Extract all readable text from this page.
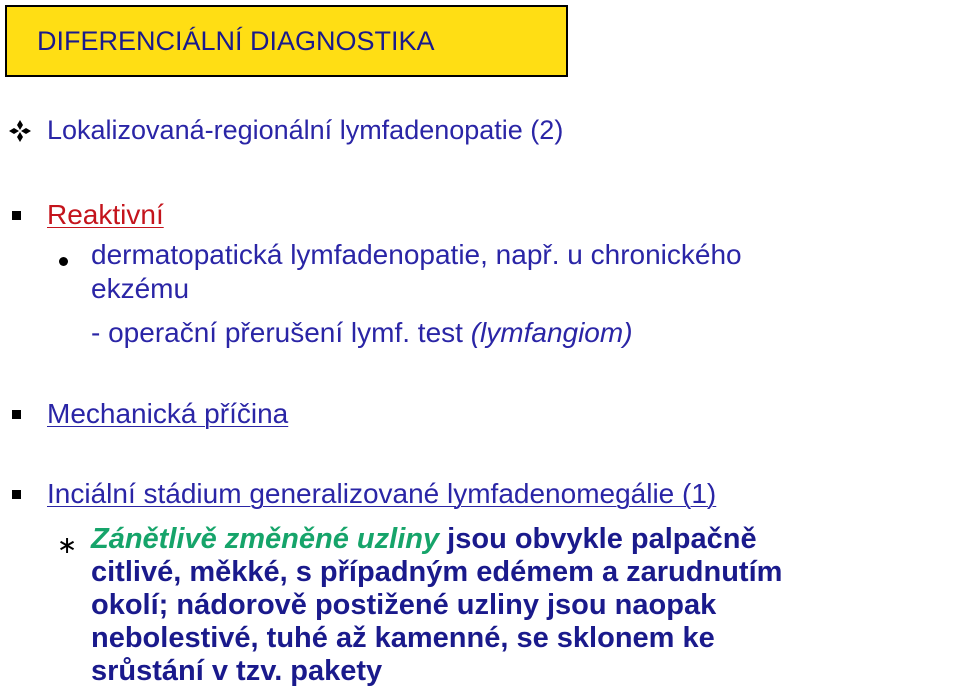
DIFERENCIÁLNÍ DIAGNOSTIKA
Lokalizovaná-regionální lymfadenopatie (2)
Reaktivní
dermatopatická lymfadenopatie, např. u chronického
ekzému
- operační přerušení lymf. test (lymfangiom)
Mechanická příčina
Inciální stádium generalizované lymfadenomegálie (1)
∗ Zánětlivě změněné uzliny jsou obvykle palpačně
citlivé, měkké, s případným edémem a zarudnutím
okolí; nádorově postižené uzliny jsou naopak
nebolestivé, tuhé až kamenné, se sklonem ke
srůstání v tzv. pakety
